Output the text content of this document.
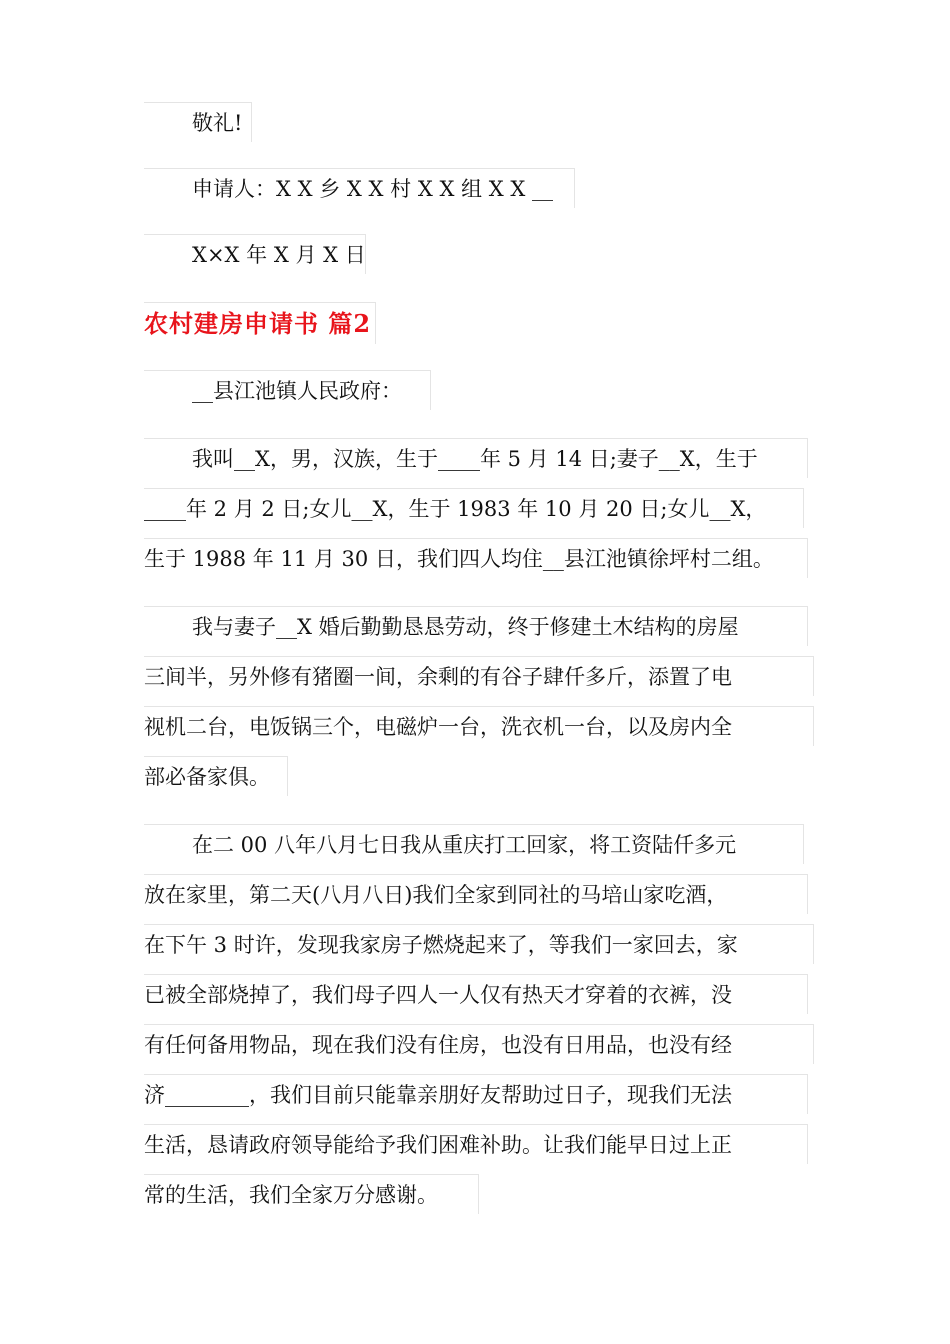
敬礼!
申请人：X X 乡 X X 村 X X 组 X X __
X×X 年 X 月 X 日
农村建房申请书 篇2
__县江池镇人民政府：
我叫__X，男，汉族，生于____年 5 月 14 日;妻子__X，生于
____年 2 月 2 日;女儿__X，生于 1983 年 10 月 20 日;女儿__X，
生于 1988 年 11 月 30 日，我们四人均住__县江池镇徐坪村二组。
我与妻子__X 婚后勤勤恳恳劳动，终于修建土木结构的房屋
三间半，另外修有猪圈一间，余剩的有谷子肆仟多斤，添置了电
视机二台，电饭锅三个，电磁炉一台，洗衣机一台，以及房内全
部必备家俱。
在二 00 八年八月七日我从重庆打工回家，将工资陆仟多元
放在家里，第二天(八月八日)我们全家到同社的马培山家吃酒，
在下午 3 时许，发现我家房子燃烧起来了，等我们一家回去，家
已被全部烧掉了，我们母子四人一人仅有热天才穿着的衣裤，没
有任何备用物品，现在我们没有住房，也没有日用品，也没有经
济________，我们目前只能靠亲朋好友帮助过日子，现我们无法
生活，恳请政府领导能给予我们困难补助。让我们能早日过上正
常的生活，我们全家万分感谢。
